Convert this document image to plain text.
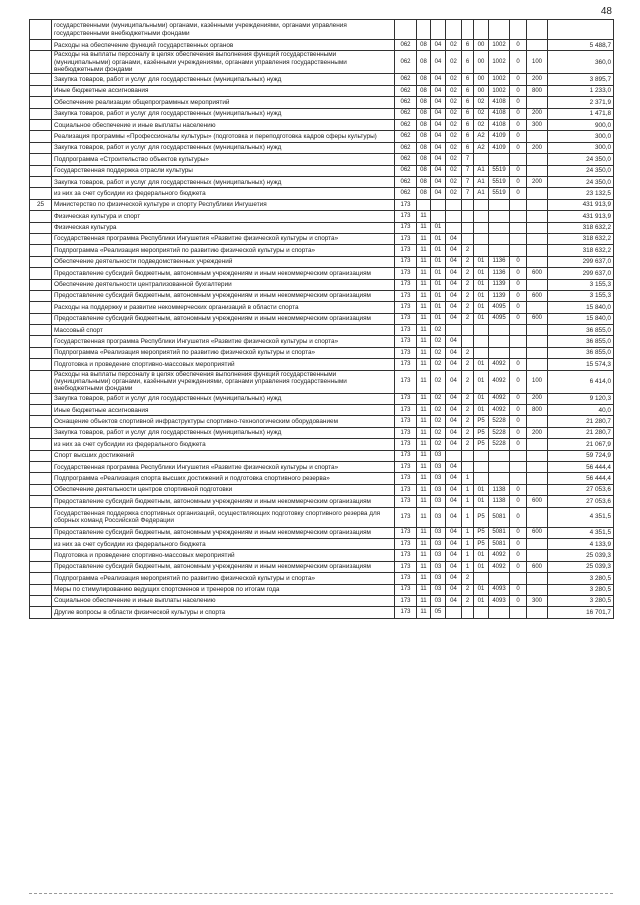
48
	государственными (муниципальными) органами, казёнными учреждениями, органами управления государственными внебюджетными фондами										
	Расходы на обеспечение функций государственных органов	062	08	04	02	6	00	1002	0		5 488,7
	Расходы на выплаты персоналу в целях обеспечения выполнения функций государственными (муниципальными) органами, казёнными учреждениями, органами управления государственными внебюджетными фондами	062	08	04	02	6	00	1002	0	100	360,0
	Закупка товаров, работ и услуг для государственных (муниципальных) нужд	062	08	04	02	6	00	1002	0	200	3 895,7
	Иные бюджетные ассигнования	062	08	04	02	6	00	1002	0	800	1 233,0
	Обеспечение реализации общепрограммных мероприятий	062	08	04	02	6	02	4108	0		2 371,9
	Закупка товаров, работ и услуг для государственных (муниципальных) нужд	062	08	04	02	6	02	4108	0	200	1 471,8
	Социальное обеспечение и иные выплаты населению	062	08	04	02	6	02	4108	0	300	900,0
	Реализация программы «Профессионалы культуры» (подготовка и переподготовка кадров сферы культуры)	062	08	04	02	6	A2	4109	0		300,0
	Закупка товаров, работ и услуг для государственных (муниципальных) нужд	062	08	04	02	6	A2	4109	0	200	300,0
	Подпрограмма «Строительство объектов культуры»	062	08	04	02	7					24 350,0
	Государственная поддержка отрасли культуры	062	08	04	02	7	A1	5519	0		24 350,0
	Закупка товаров, работ и услуг для государственных (муниципальных) нужд	062	08	04	02	7	A1	5519	0	200	24 350,0
	из них за счет субсидии из федерального бюджета	062	08	04	02	7	A1	5519	0		23 132,5
25	Министерство по физической культуре и спорту Республики Ингушетия	173									431 913,9
	Физическая культура и спорт	173	11								431 913,9
	Физическая культура	173	11	01							318 632,2
	Государственная программа Республики Ингушетия «Развитие физической культуры и спорта»	173	11	01	04						318 632,2
	Подпрограмма «Реализация мероприятий по развитию физической культуры и спорта»	173	11	01	04	2					318 632,2
	Обеспечение деятельности подведомственных учреждений	173	11	01	04	2	01	1136	0		299 637,0
	Предоставление субсидий бюджетным, автономным учреждениям и иным некоммерческим организациям	173	11	01	04	2	01	1136	0	600	299 637,0
	Обеспечение деятельности централизованной бухгалтерии	173	11	01	04	2	01	1139	0		3 155,3
	Предоставление субсидий бюджетным, автономным учреждениям и иным некоммерческим организациям	173	11	01	04	2	01	1139	0	600	3 155,3
	Расходы на поддержку и развитие некоммерческих организаций в области спорта	173	11	01	04	2	01	4095	0		15 840,0
	Предоставление субсидий бюджетным, автономным учреждениям и иным некоммерческим организациям	173	11	01	04	2	01	4095	0	600	15 840,0
	Массовый спорт	173	11	02							36 855,0
	Государственная программа Республики Ингушетия «Развитие физической культуры и спорта»	173	11	02	04						36 855,0
	Подпрограмма «Реализация мероприятий по развитию физической культуры и спорта»	173	11	02	04	2					36 855,0
	Подготовка и проведение спортивно-массовых мероприятий	173	11	02	04	2	01	4092	0		15 574,3
	Расходы на выплаты персоналу в целях обеспечения выполнения функций государственными (муниципальными) органами, казёнными учреждениями, органами управления государственными внебюджетными фондами	173	11	02	04	2	01	4092	0	100	6 414,0
	Закупка товаров, работ и услуг для государственных (муниципальных) нужд	173	11	02	04	2	01	4092	0	200	9 120,3
	Иные бюджетные ассигнования	173	11	02	04	2	01	4092	0	800	40,0
	Оснащение объектов спортивной инфраструктуры спортивно-технологическим оборудованием	173	11	02	04	2	P5	5228	0		21 280,7
	Закупка товаров, работ и услуг для государственных (муниципальных) нужд	173	11	02	04	2	P5	5228	0	200	21 280,7
	из них за счет субсидии из федерального бюджета	173	11	02	04	2	P5	5228	0		21 067,9
	Спорт высших достижений	173	11	03							59 724,9
	Государственная программа Республики Ингушетия «Развитие физической культуры и спорта»	173	11	03	04						56 444,4
	Подпрограмма «Реализация спорта высших достижений и подготовка спортивного резерва»	173	11	03	04	1					56 444,4
	Обеспечение деятельности центров спортивной подготовки	173	11	03	04	1	01	1138	0		27 053,6
	Предоставление субсидий бюджетным, автономным учреждениям и иным некоммерческим организациям	173	11	03	04	1	01	1138	0	600	27 053,6
	Государственная поддержка спортивных организаций, осуществляющих подготовку спортивного резерва для сборных команд Российской Федерации	173	11	03	04	1	P5	5081	0		4 351,5
	Предоставление субсидий бюджетным, автономным учреждениям и иным некоммерческим организациям	173	11	03	04	1	P5	5081	0	600	4 351,5
	из них за счет субсидии из федерального бюджета	173	11	03	04	1	P5	5081	0		4 133,9
	Подготовка и проведение спортивно-массовых мероприятий	173	11	03	04	1	01	4092	0		25 039,3
	Предоставление субсидий бюджетным, автономным учреждениям и иным некоммерческим организациям	173	11	03	04	1	01	4092	0	600	25 039,3
	Подпрограмма «Реализация мероприятий по развитию физической культуры и спорта»	173	11	03	04	2					3 280,5
	Меры по стимулированию ведущих спортсменов и тренеров по итогам года	173	11	03	04	2	01	4093	0		3 280,5
	Социальное обеспечение и иные выплаты населению	173	11	03	04	2	01	4093	0	300	3 280,5
	Другие вопросы в области физической культуры и спорта	173	11	05							16 701,7
